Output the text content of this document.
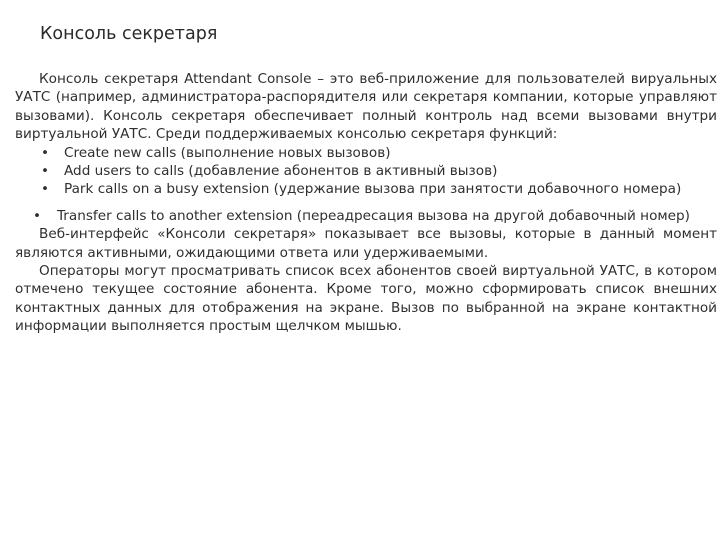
Консоль секретаря

Консоль секретаря Attendant Console – это веб-приложение для пользователей вируальных УАТС (например, администратора-распорядителя или секретаря компании, которые управляют вызовами). Консоль секретаря обеспечивает полный контроль над всеми вызовами внутри виртуальной УАТС. Среди поддерживаемых консолью секретаря функций:

• Create new calls (выполнение новых вызовов)
• Add users to calls (добавление абонентов в активный вызов)
• Park calls on a busy extension (удержание вызова при занятости добавочного номера)
• Transfer calls to another extension (переадресация вызова на другой добавочный номер)

Веб-интерфейс «Консоли секретаря» показывает все вызовы, которые в данный момент являются активными, ожидающими ответа или удерживаемыми.

Операторы могут просматривать список всех абонентов своей виртуальной УАТС, в котором отмечено текущее состояние абонента. Кроме того, можно сформировать список внешних контактных данных для отображения на экране. Вызов по выбранной на экране контактной информации выполняется простым щелчком мышью.
